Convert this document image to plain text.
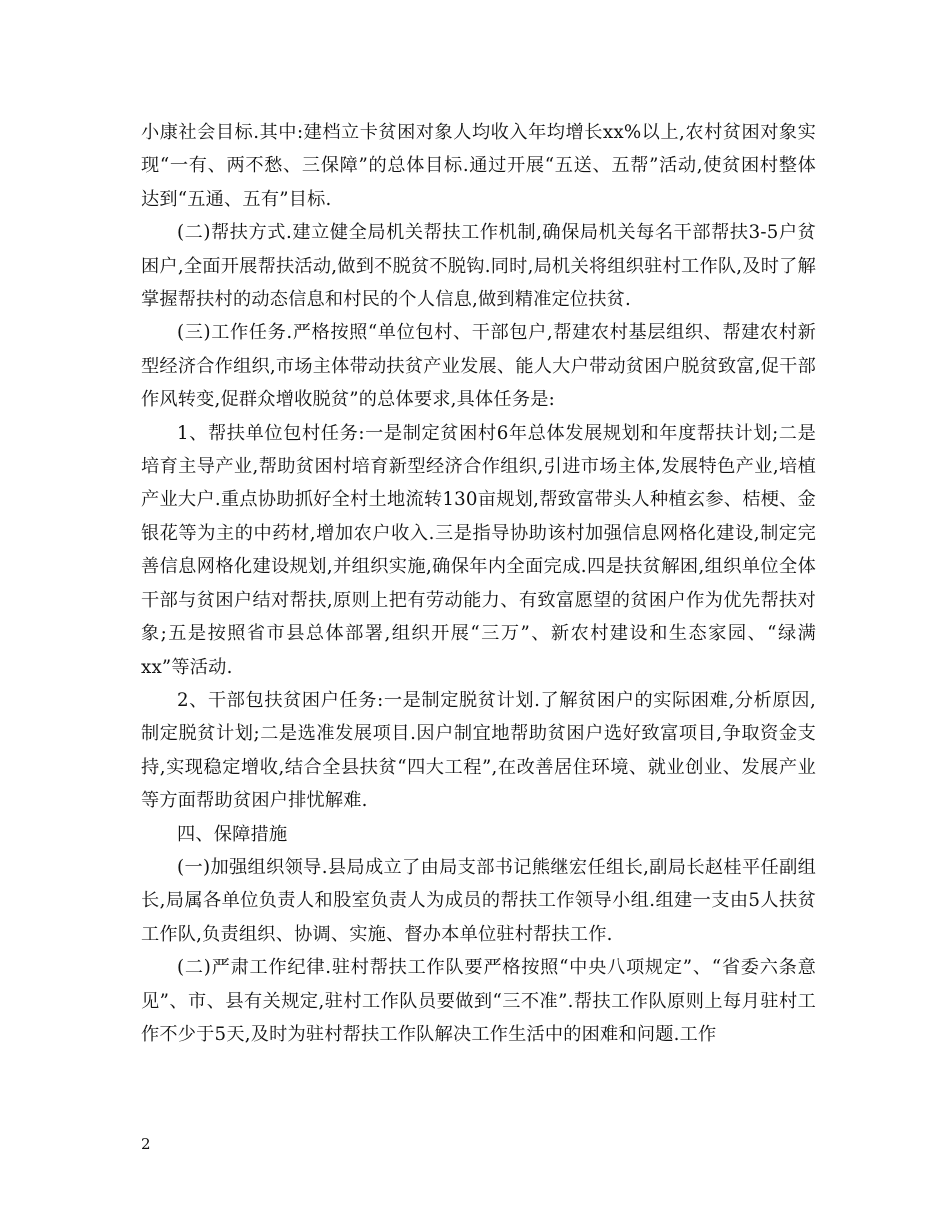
小康社会目标.其中:建档立卡贫困对象人均收入年均增长xx%以上,农村贫困对象实现“一有、两不愁、三保障”的总体目标.通过开展“五送、五帮”活动,使贫困村整体达到“五通、五有”目标.

(二)帮扶方式.建立健全局机关帮扶工作机制,确保局机关每名干部帮扶3-5户贫困户,全面开展帮扶活动,做到不脱贫不脱钩.同时,局机关将组织驻村工作队,及时了解掌握帮扶村的动态信息和村民的个人信息,做到精准定位扶贫.

(三)工作任务.严格按照“单位包村、干部包户,帮建农村基层组织、帮建农村新型经济合作组织,市场主体带动扶贫产业发展、能人大户带动贫困户脱贫致富,促干部作风转变,促群众增收脱贫”的总体要求,具体任务是:

1、帮扶单位包村任务:一是制定贫困村6年总体发展规划和年度帮扶计划;二是培育主导产业,帮助贫困村培育新型经济合作组织,引进市场主体,发展特色产业,培植产业大户.重点协助抓好全村土地流转130亩规划,帮致富带头人种植玄参、桔梗、金银花等为主的中药材,增加农户收入.三是指导协助该村加强信息网格化建设,制定完善信息网格化建设规划,并组织实施,确保年内全面完成.四是扶贫解困,组织单位全体干部与贫困户结对帮扶,原则上把有劳动能力、有致富愿望的贫困户作为优先帮扶对象;五是按照省市县总体部署,组织开展“三万”、新农村建设和生态家园、“绿满xx”等活动.

2、干部包扶贫困户任务:一是制定脱贫计划.了解贫困户的实际困难,分析原因,制定脱贫计划;二是选准发展项目.因户制宜地帮助贫困户选好致富项目,争取资金支持,实现稳定增收,结合全县扶贫“四大工程”,在改善居住环境、就业创业、发展产业等方面帮助贫困户排忧解难.

四、保障措施

(一)加强组织领导.县局成立了由局支部书记熊继宏任组长,副局长赵桂平任副组长,局属各单位负责人和股室负责人为成员的帮扶工作领导小组.组建一支由5人扶贫工作队,负责组织、协调、实施、督办本单位驻村帮扶工作.

(二)严肃工作纪律.驻村帮扶工作队要严格按照“中央八项规定”、“省委六条意见”、市、县有关规定,驻村工作队员要做到“三不准”.帮扶工作队原则上每月驻村工作不少于5天,及时为驻村帮扶工作队解决工作生活中的困难和问题.工作

2
